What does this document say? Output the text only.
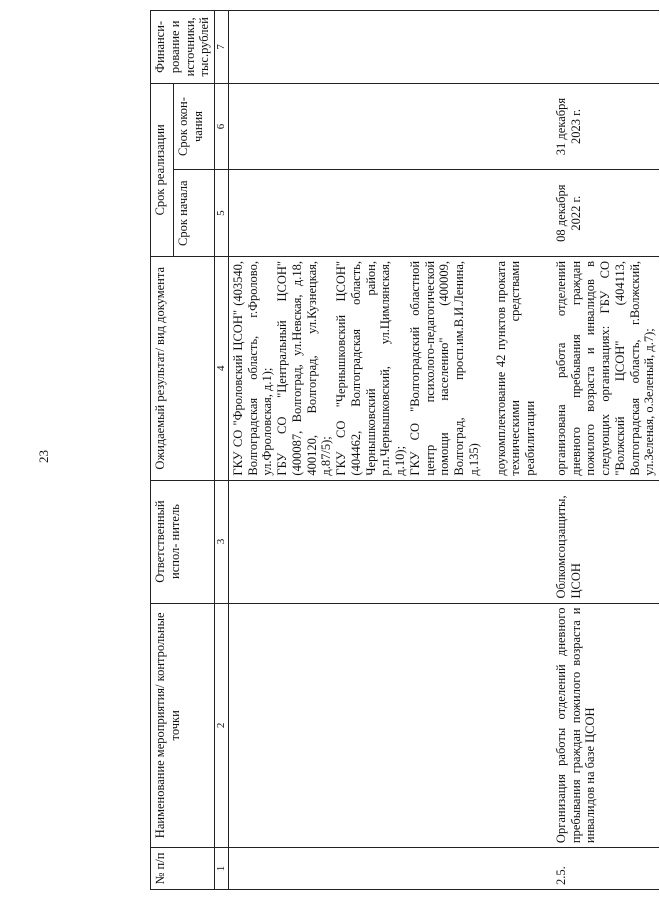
23
№ п/п	Наименование мероприятия/ контрольные точки	Ответственный испол- нитель	Ожидаемый результат/ вид документа	Срок реализации		Финанси- рование и источники, тыс.рублей
				Срок начала	Срок окон- чания	
1	2	3	4	5	6	7

			ГКУ СО "Фроловский ЦСОН" (403540, Волгоградская область, г.Фролово, ул.Фроловская, д.1); ГБУ СО "Центральный ЦСОН" (400087, Волгоград, ул.Невская, д.18, 400120, Волгоград, ул.Кузнецкая, д.87/5); ГКУ СО "Чернышковский ЦСОН" (404462, Волгоградская область, Чернышковский район, р.п.Чернышковский, ул.Цимлянская, д.10); ГКУ СО "Волгоградский областной центр психолого-педагогической помощи населению" (400009, Волгоград, просп.им.В.И.Ленина, д.135) доукомплектование 42 пунктов проката техническими средствами реабилитации			

2.5.	Организация работы отделений дневного пребывания граждан пожилого возраста и инвалидов на базе ЦСОН	Облкомсоцзащиты, ЦСОН	организована работа отделений дневного пребывания граждан пожилого возраста и инвалидов в следующих организациях: ГБУ СО "Волжский ЦСОН" (404113, Волгоградская область, г.Волжский, ул.Зеленая, о.Зеленый, д.7);	08 декабря 2022 г.	31 декабря 2023 г.	
